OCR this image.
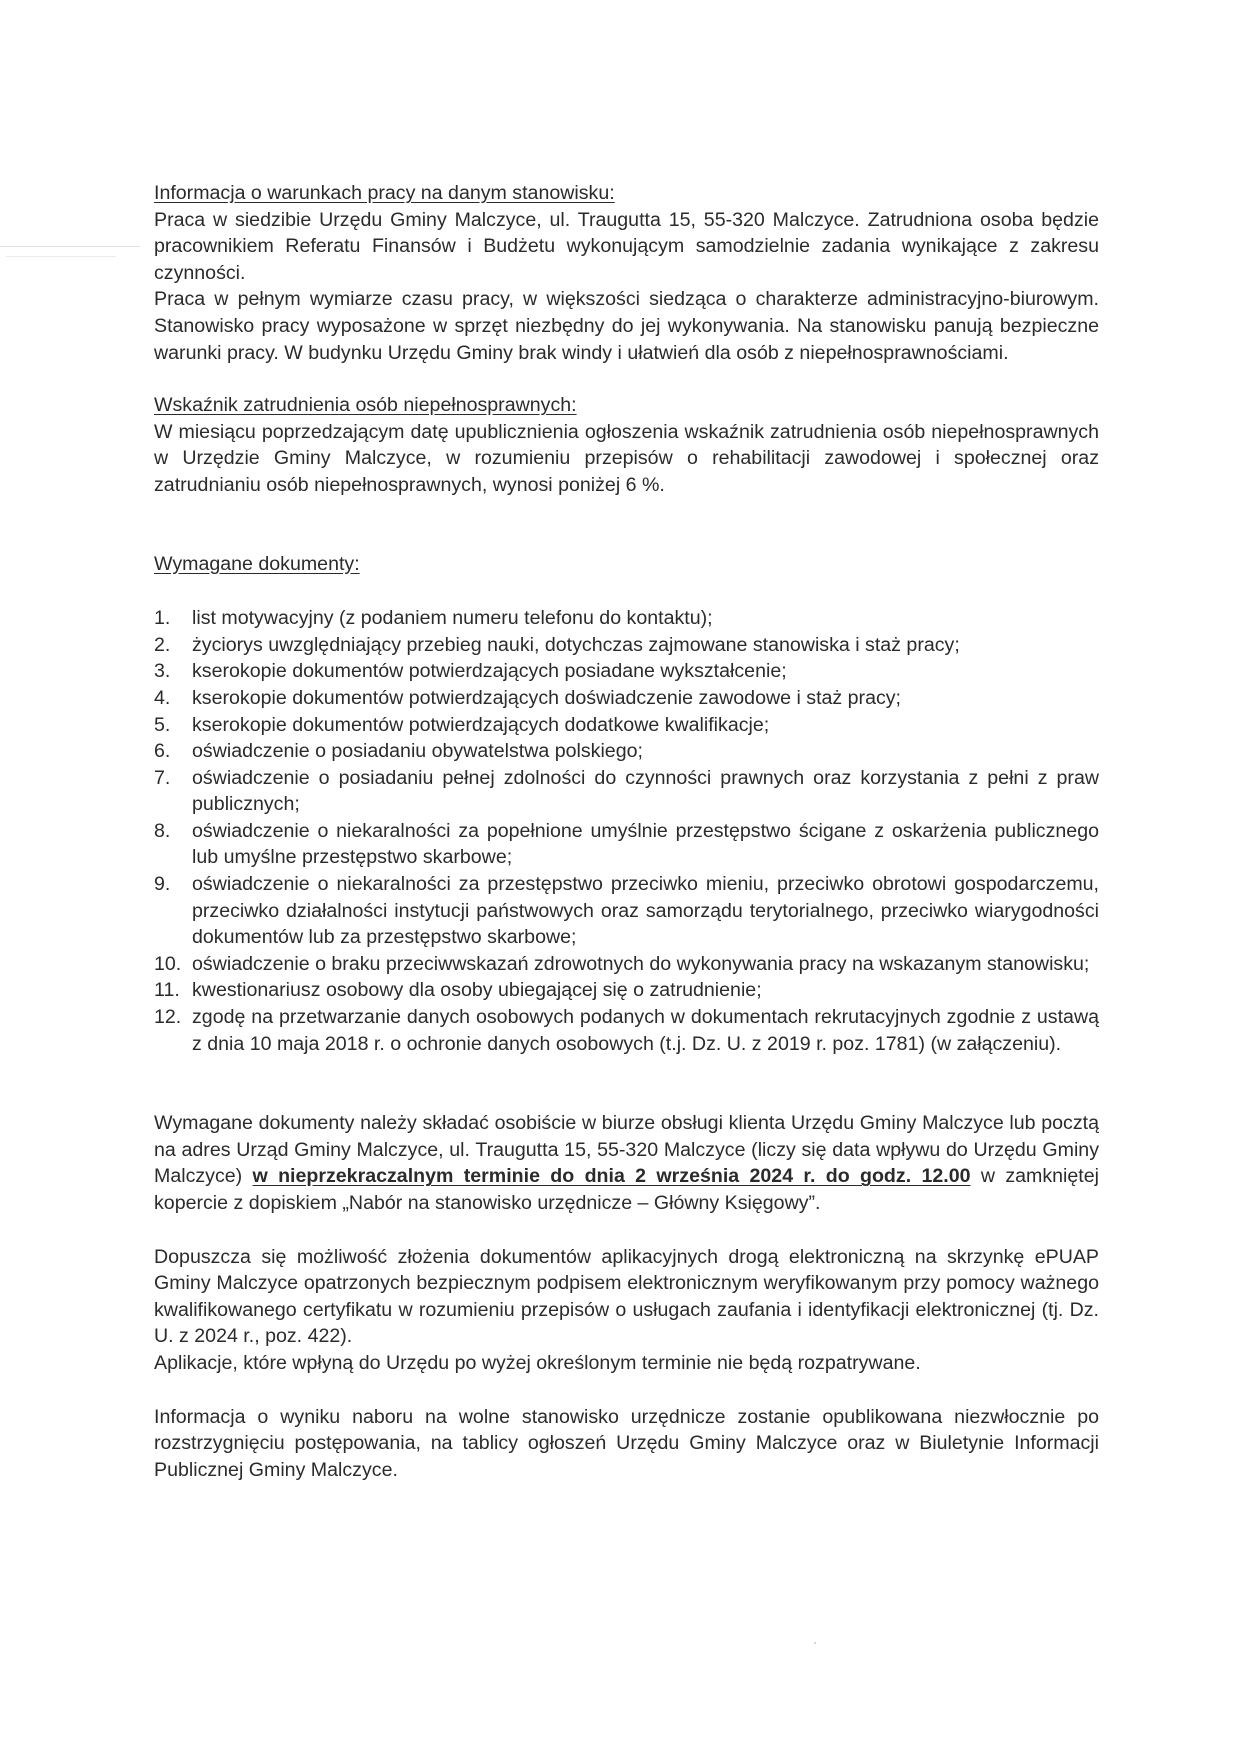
Informacja o warunkach pracy na danym stanowisku:

Praca w siedzibie Urzędu Gminy Malczyce, ul. Traugutta 15, 55-320 Malczyce. Zatrudniona osoba będzie pracownikiem Referatu Finansów i Budżetu wykonującym samodzielnie zadania wynikające z zakresu czynności.

Praca w pełnym wymiarze czasu pracy, w większości siedząca o charakterze administracyjno-biurowym. Stanowisko pracy wyposażone w sprzęt niezbędny do jej wykonywania. Na stanowisku panują bezpieczne warunki pracy. W budynku Urzędu Gminy brak windy i ułatwień dla osób z niepełnosprawnościami.

Wskaźnik zatrudnienia osób niepełnosprawnych:

W miesiącu poprzedzającym datę upublicznienia ogłoszenia wskaźnik zatrudnienia osób niepełnosprawnych w Urzędzie Gminy Malczyce, w rozumieniu przepisów o rehabilitacji zawodowej i społecznej oraz zatrudnianiu osób niepełnosprawnych, wynosi poniżej 6 %.

Wymagane dokumenty:
1. list motywacyjny (z podaniem numeru telefonu do kontaktu);
2. życiorys uwzględniający przebieg nauki, dotychczas zajmowane stanowiska i staż pracy;
3. kserokopie dokumentów potwierdzających posiadane wykształcenie;
4. kserokopie dokumentów potwierdzających doświadczenie zawodowe i staż pracy;
5. kserokopie dokumentów potwierdzających dodatkowe kwalifikacje;
6. oświadczenie o posiadaniu obywatelstwa polskiego;
7. oświadczenie o posiadaniu pełnej zdolności do czynności prawnych oraz korzystania z pełni z praw publicznych;
8. oświadczenie o niekaralności za popełnione umyślnie przestępstwo ścigane z oskarżenia publicznego lub umyślne przestępstwo skarbowe;
9. oświadczenie o niekaralności za przestępstwo przeciwko mieniu, przeciwko obrotowi gospodarczemu, przeciwko działalności instytucji państwowych oraz samorządu terytorialnego, przeciwko wiarygodności dokumentów lub za przestępstwo skarbowe;
10. oświadczenie o braku przeciwwskazań zdrowotnych do wykonywania pracy na wskazanym stanowisku;
11. kwestionariusz osobowy dla osoby ubiegającej się o zatrudnienie;
12. zgodę na przetwarzanie danych osobowych podanych w dokumentach rekrutacyjnych zgodnie z ustawą z dnia 10 maja 2018 r. o ochronie danych osobowych (t.j. Dz. U. z 2019 r. poz. 1781) (w załączeniu).

Wymagane dokumenty należy składać osobiście w biurze obsługi klienta Urzędu Gminy Malczyce lub pocztą na adres Urząd Gminy Malczyce, ul. Traugutta 15, 55-320 Malczyce (liczy się data wpływu do Urzędu Gminy Malczyce) w nieprzekraczalnym terminie do dnia 2 września 2024 r. do godz. 12.00 w zamkniętej kopercie z dopiskiem „Nabór na stanowisko urzędnicze – Główny Księgowy”.

Dopuszcza się możliwość złożenia dokumentów aplikacyjnych drogą elektroniczną na skrzynkę ePUAP Gminy Malczyce opatrzonych bezpiecznym podpisem elektronicznym weryfikowanym przy pomocy ważnego kwalifikowanego certyfikatu w rozumieniu przepisów o usługach zaufania i identyfikacji elektronicznej (tj. Dz. U. z 2024 r., poz. 422).

Aplikacje, które wpłyną do Urzędu po wyżej określonym terminie nie będą rozpatrywane.

Informacja o wyniku naboru na wolne stanowisko urzędnicze zostanie opublikowana niezwłocznie po rozstrzygnięciu postępowania, na tablicy ogłoszeń Urzędu Gminy Malczyce oraz w Biuletynie Informacji Publicznej Gminy Malczyce.
